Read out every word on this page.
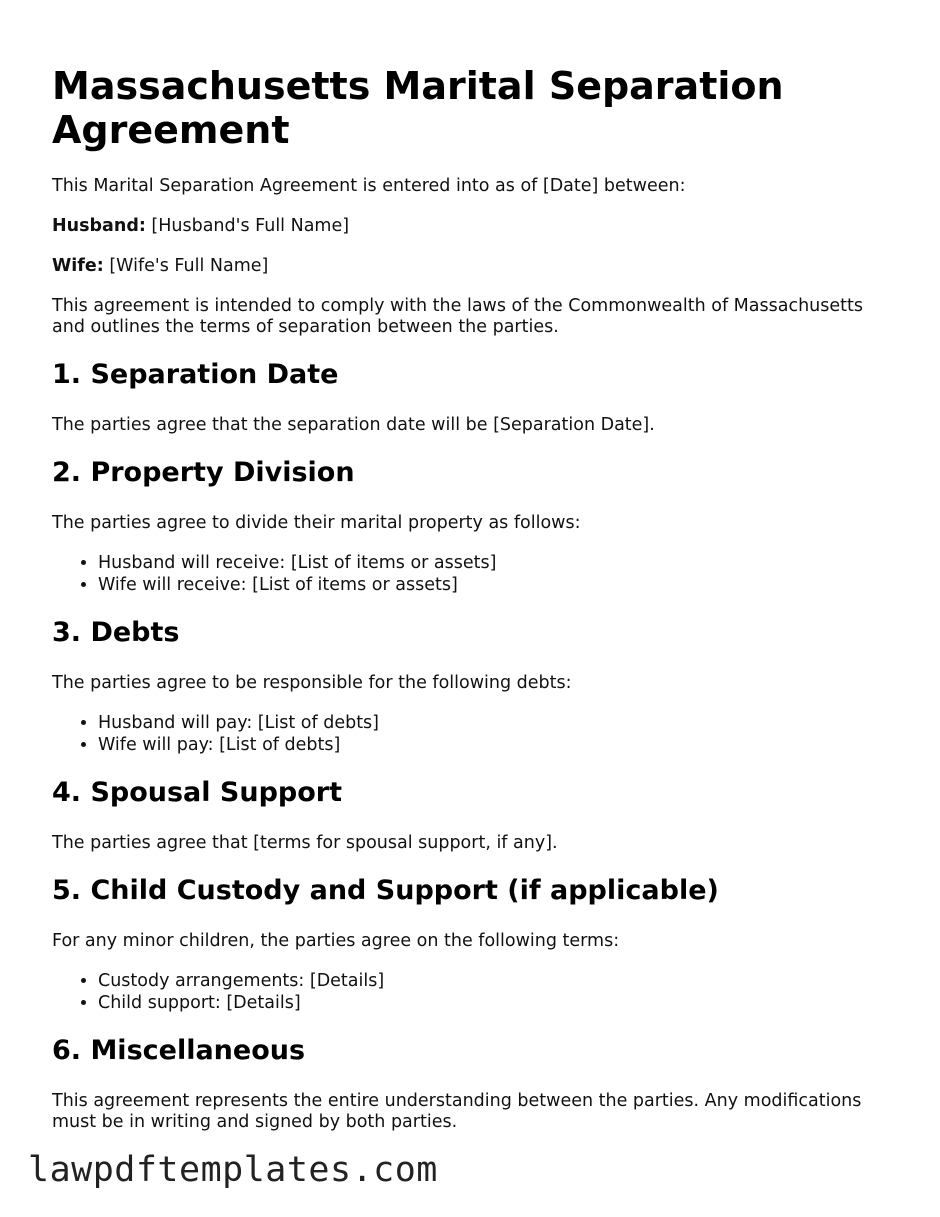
Massachusetts Marital Separation Agreement

This Marital Separation Agreement is entered into as of [Date] between:

Husband: [Husband's Full Name]

Wife: [Wife's Full Name]

This agreement is intended to comply with the laws of the Commonwealth of Massachusetts and outlines the terms of separation between the parties.

1. Separation Date

The parties agree that the separation date will be [Separation Date].

2. Property Division

The parties agree to divide their marital property as follows:

• Husband will receive: [List of items or assets]
• Wife will receive: [List of items or assets]
3. Debts

The parties agree to be responsible for the following debts:

• Husband will pay: [List of debts]
• Wife will pay: [List of debts]
4. Spousal Support

The parties agree that [terms for spousal support, if any].

5. Child Custody and Support (if applicable)

For any minor children, the parties agree on the following terms:

• Custody arrangements: [Details]
• Child support: [Details]
6. Miscellaneous

This agreement represents the entire understanding between the parties. Any modifications must be in writing and signed by both parties.

lawpdftemplates.com
